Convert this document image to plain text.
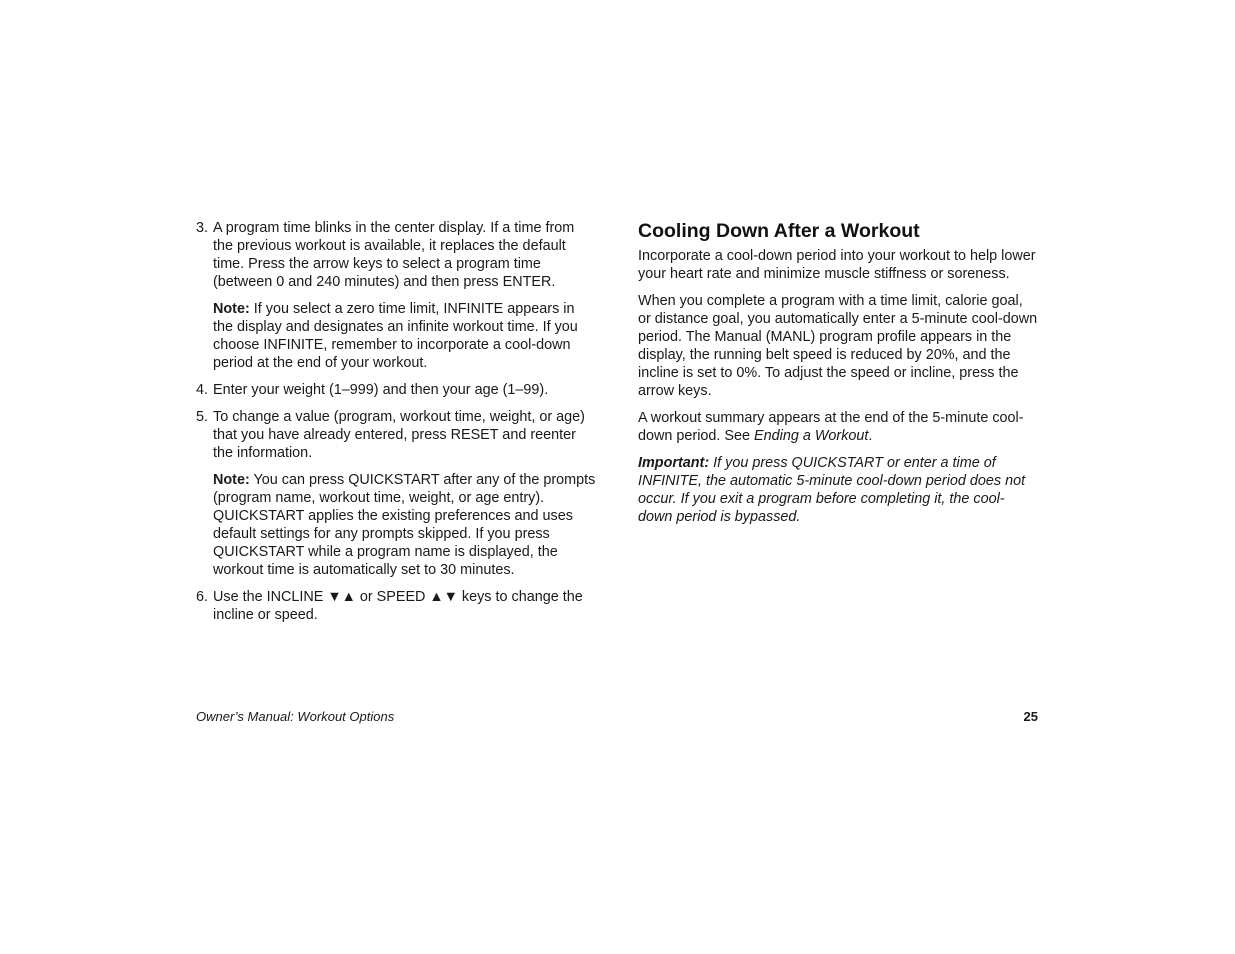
3. A program time blinks in the center display. If a time from the previous workout is available, it replaces the default time. Press the arrow keys to select a program time (between 0 and 240 minutes) and then press ENTER.

Note: If you select a zero time limit, INFINITE appears in the display and designates an infinite workout time. If you choose INFINITE, remember to incorporate a cool-down period at the end of your workout.

4. Enter your weight (1–999) and then your age (1–99).

5. To change a value (program, workout time, weight, or age) that you have already entered, press RESET and reenter the information.

Note: You can press QUICKSTART after any of the prompts (program name, workout time, weight, or age entry). QUICKSTART applies the existing preferences and uses default settings for any prompts skipped. If you press QUICKSTART while a program name is displayed, the workout time is automatically set to 30 minutes.

6. Use the INCLINE ▼▲ or SPEED ▲▼ keys to change the incline or speed.

Cooling Down After a Workout

Incorporate a cool-down period into your workout to help lower your heart rate and minimize muscle stiffness or soreness.

When you complete a program with a time limit, calorie goal, or distance goal, you automatically enter a 5-minute cool-down period. The Manual (MANL) program profile appears in the display, the running belt speed is reduced by 20%, and the incline is set to 0%. To adjust the speed or incline, press the arrow keys.

A workout summary appears at the end of the 5-minute cool-down period. See Ending a Workout.

Important: If you press QUICKSTART or enter a time of INFINITE, the automatic 5-minute cool-down period does not occur. If you exit a program before completing it, the cool-down period is bypassed.

Owner’s Manual: Workout Options	25
